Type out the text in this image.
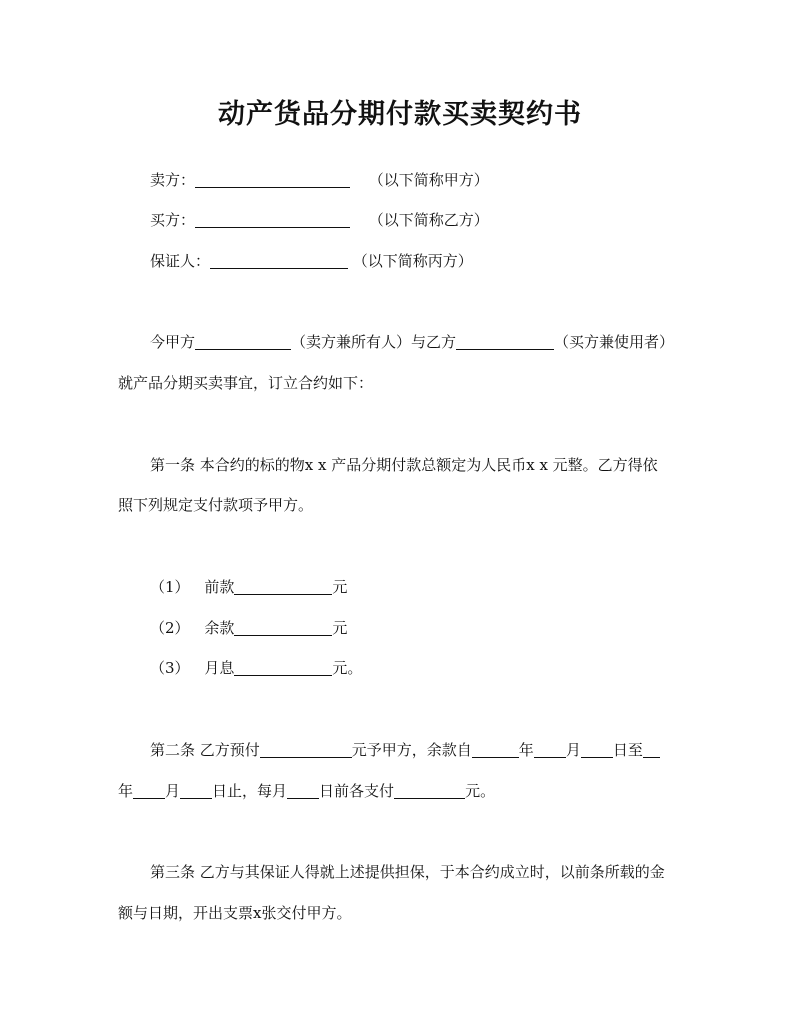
动产货品分期付款买卖契约书
卖方：	（以下简称甲方）
买方：	（以下简称乙方）
保证人：	（以下简称丙方）
今甲方	（卖方兼所有人）与乙方	（买方兼使用者）
就产品分期买卖事宜，订立合约如下：
第一条 本合约的标的物x x 产品分期付款总额定为人民币x x 元整。乙方得依
照下列规定支付款项予甲方。
（1） 前款	元
（2） 余款	元
（3） 月息	元。
第二条 乙方预付	元予甲方，余款自	年 月 日至
年 月 日止，每月 日前各支付	元。
第三条 乙方与其保证人得就上述提供担保，于本合约成立时，以前条所载的金
额与日期，开出支票x张交付甲方。
